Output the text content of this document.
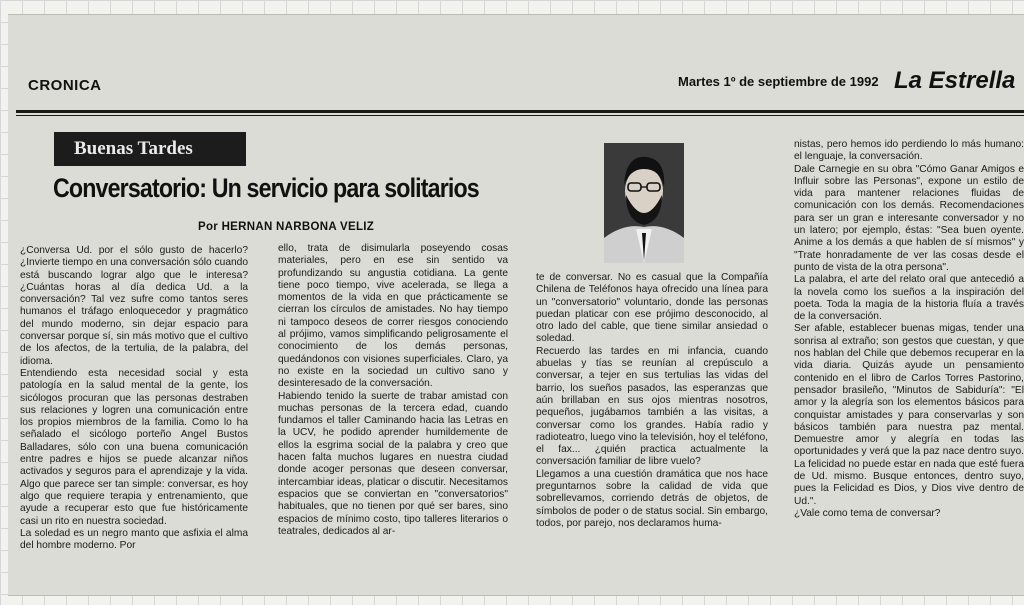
CRONICA	Martes 1º de septiembre de 1992 La Estrella
Buenas Tardes
Conversatorio: Un servicio para solitarios
Por HERNAN NARBONA VELIZ
¿Conversa Ud. por el sólo gusto de hacerlo? ¿Invierte tiempo en una conversación sólo cuando está buscando lograr algo que le interesa? ¿Cuántas horas al día dedica Ud. a la conversación? Tal vez sufre como tantos seres humanos el tráfago enloquecedor y pragmático del mundo moderno, sin dejar espacio para conversar porque sí, sin más motivo que el cultivo de los afectos, de la tertulia, de la palabra, del idioma.
Entendiendo esta necesidad social y esta patología en la salud mental de la gente, los sicólogos procuran que las personas destraben sus relaciones y logren una comunicación entre los propios miembros de la familia. Como lo ha señalado el sicólogo porteño Angel Bustos Balladares, sólo con una buena comunicación entre padres e hijos se puede alcanzar niños activados y seguros para el aprendizaje y la vida. Algo que parece ser tan simple: conversar, es hoy algo que requiere terapia y entrenamiento, que ayude a recuperar esto que fue históricamente casi un rito en nuestra sociedad.
La soledad es un negro manto que asfixia el alma del hombre moderno. Por
ello, trata de disimularla poseyendo cosas materiales, pero en ese sin sentido va profundizando su angustia cotidiana. La gente tiene poco tiempo, vive acelerada, se llega a momentos de la vida en que prácticamente se cierran los círculos de amistades. No hay tiempo ni tampoco deseos de correr riesgos conociendo al prójimo, vamos simplificando peligrosamente el conocimiento de los demás personas, quedándonos con visiones superficiales. Claro, ya no existe en la sociedad un cultivo sano y desinteresado de la conversación.
Habiendo tenido la suerte de trabar amistad con muchas personas de la tercera edad, cuando fundamos el taller Caminando hacia las Letras en la UCV, he podido aprender humildemente de ellos la esgrima social de la palabra y creo que hacen falta muchos lugares en nuestra ciudad donde acoger personas que deseen conversar, intercambiar ideas, platicar o discutir. Necesitamos espacios que se conviertan en "conversatorios" habituales, que no tienen por qué ser bares, sino espacios de mínimo costo, tipo talleres literarios o teatrales, dedicados al ar-
te de conversar. No es casual que la Compañía Chilena de Teléfonos haya ofrecido una línea para un "conversatorio" voluntario, donde las personas puedan platicar con ese prójimo desconocido, al otro lado del cable, que tiene similar ansiedad o soledad.
Recuerdo las tardes en mi infancia, cuando abuelas y tías se reunían al crepúsculo a conversar, a tejer en sus tertulias las vidas del barrio, los sueños pasados, las esperanzas que aún brillaban en sus ojos mientras nosotros, pequeños, jugábamos también a las visitas, a conversar como los grandes. Había radio y radioteatro, luego vino la televisión, hoy el teléfono, el fax... ¿quién practica actualmente la conversación familiar de libre vuelo?
Llegamos a una cuestión dramática que nos hace preguntarnos sobre la calidad de vida que sobrellevamos, corriendo detrás de objetos, de símbolos de poder o de status social. Sin embargo, todos, por parejo, nos declaramos huma-
nistas, pero hemos ido perdiendo lo más humano: el lenguaje, la conversación.
Dale Carnegie en su obra "Cómo Ganar Amigos e Influir sobre las Personas", expone un estilo de vida para mantener relaciones fluidas de comunicación con los demás. Recomendaciones para ser un gran e interesante conversador y no un latero; por ejemplo, éstas: "Sea buen oyente. Anime a los demás a que hablen de sí mismos" y "Trate honradamente de ver las cosas desde el punto de vista de la otra persona".
La palabra, el arte del relato oral que antecedió a la novela como los sueños a la inspiración del poeta. Toda la magia de la historia fluía a través de la conversación.
Ser afable, establecer buenas migas, tender una sonrisa al extraño; son gestos que cuestan, y que nos hablan del Chile que debemos recuperar en la vida diaria. Quizás ayude un pensamiento contenido en el libro de Carlos Torres Pastorino, pensador brasileño, "Minutos de Sabiduría": "El amor y la alegría son los elementos básicos para conquistar amistades y para conservarlas y son básicos también para nuestra paz mental. Demuestre amor y alegría en todas las oportunidades y verá que la paz nace dentro suyo. La felicidad no puede estar en nada que esté fuera de Ud. mismo. Busque entonces, dentro suyo, pues la Felicidad es Dios, y Dios vive dentro de Ud.".
¿Vale como tema de conversar?
